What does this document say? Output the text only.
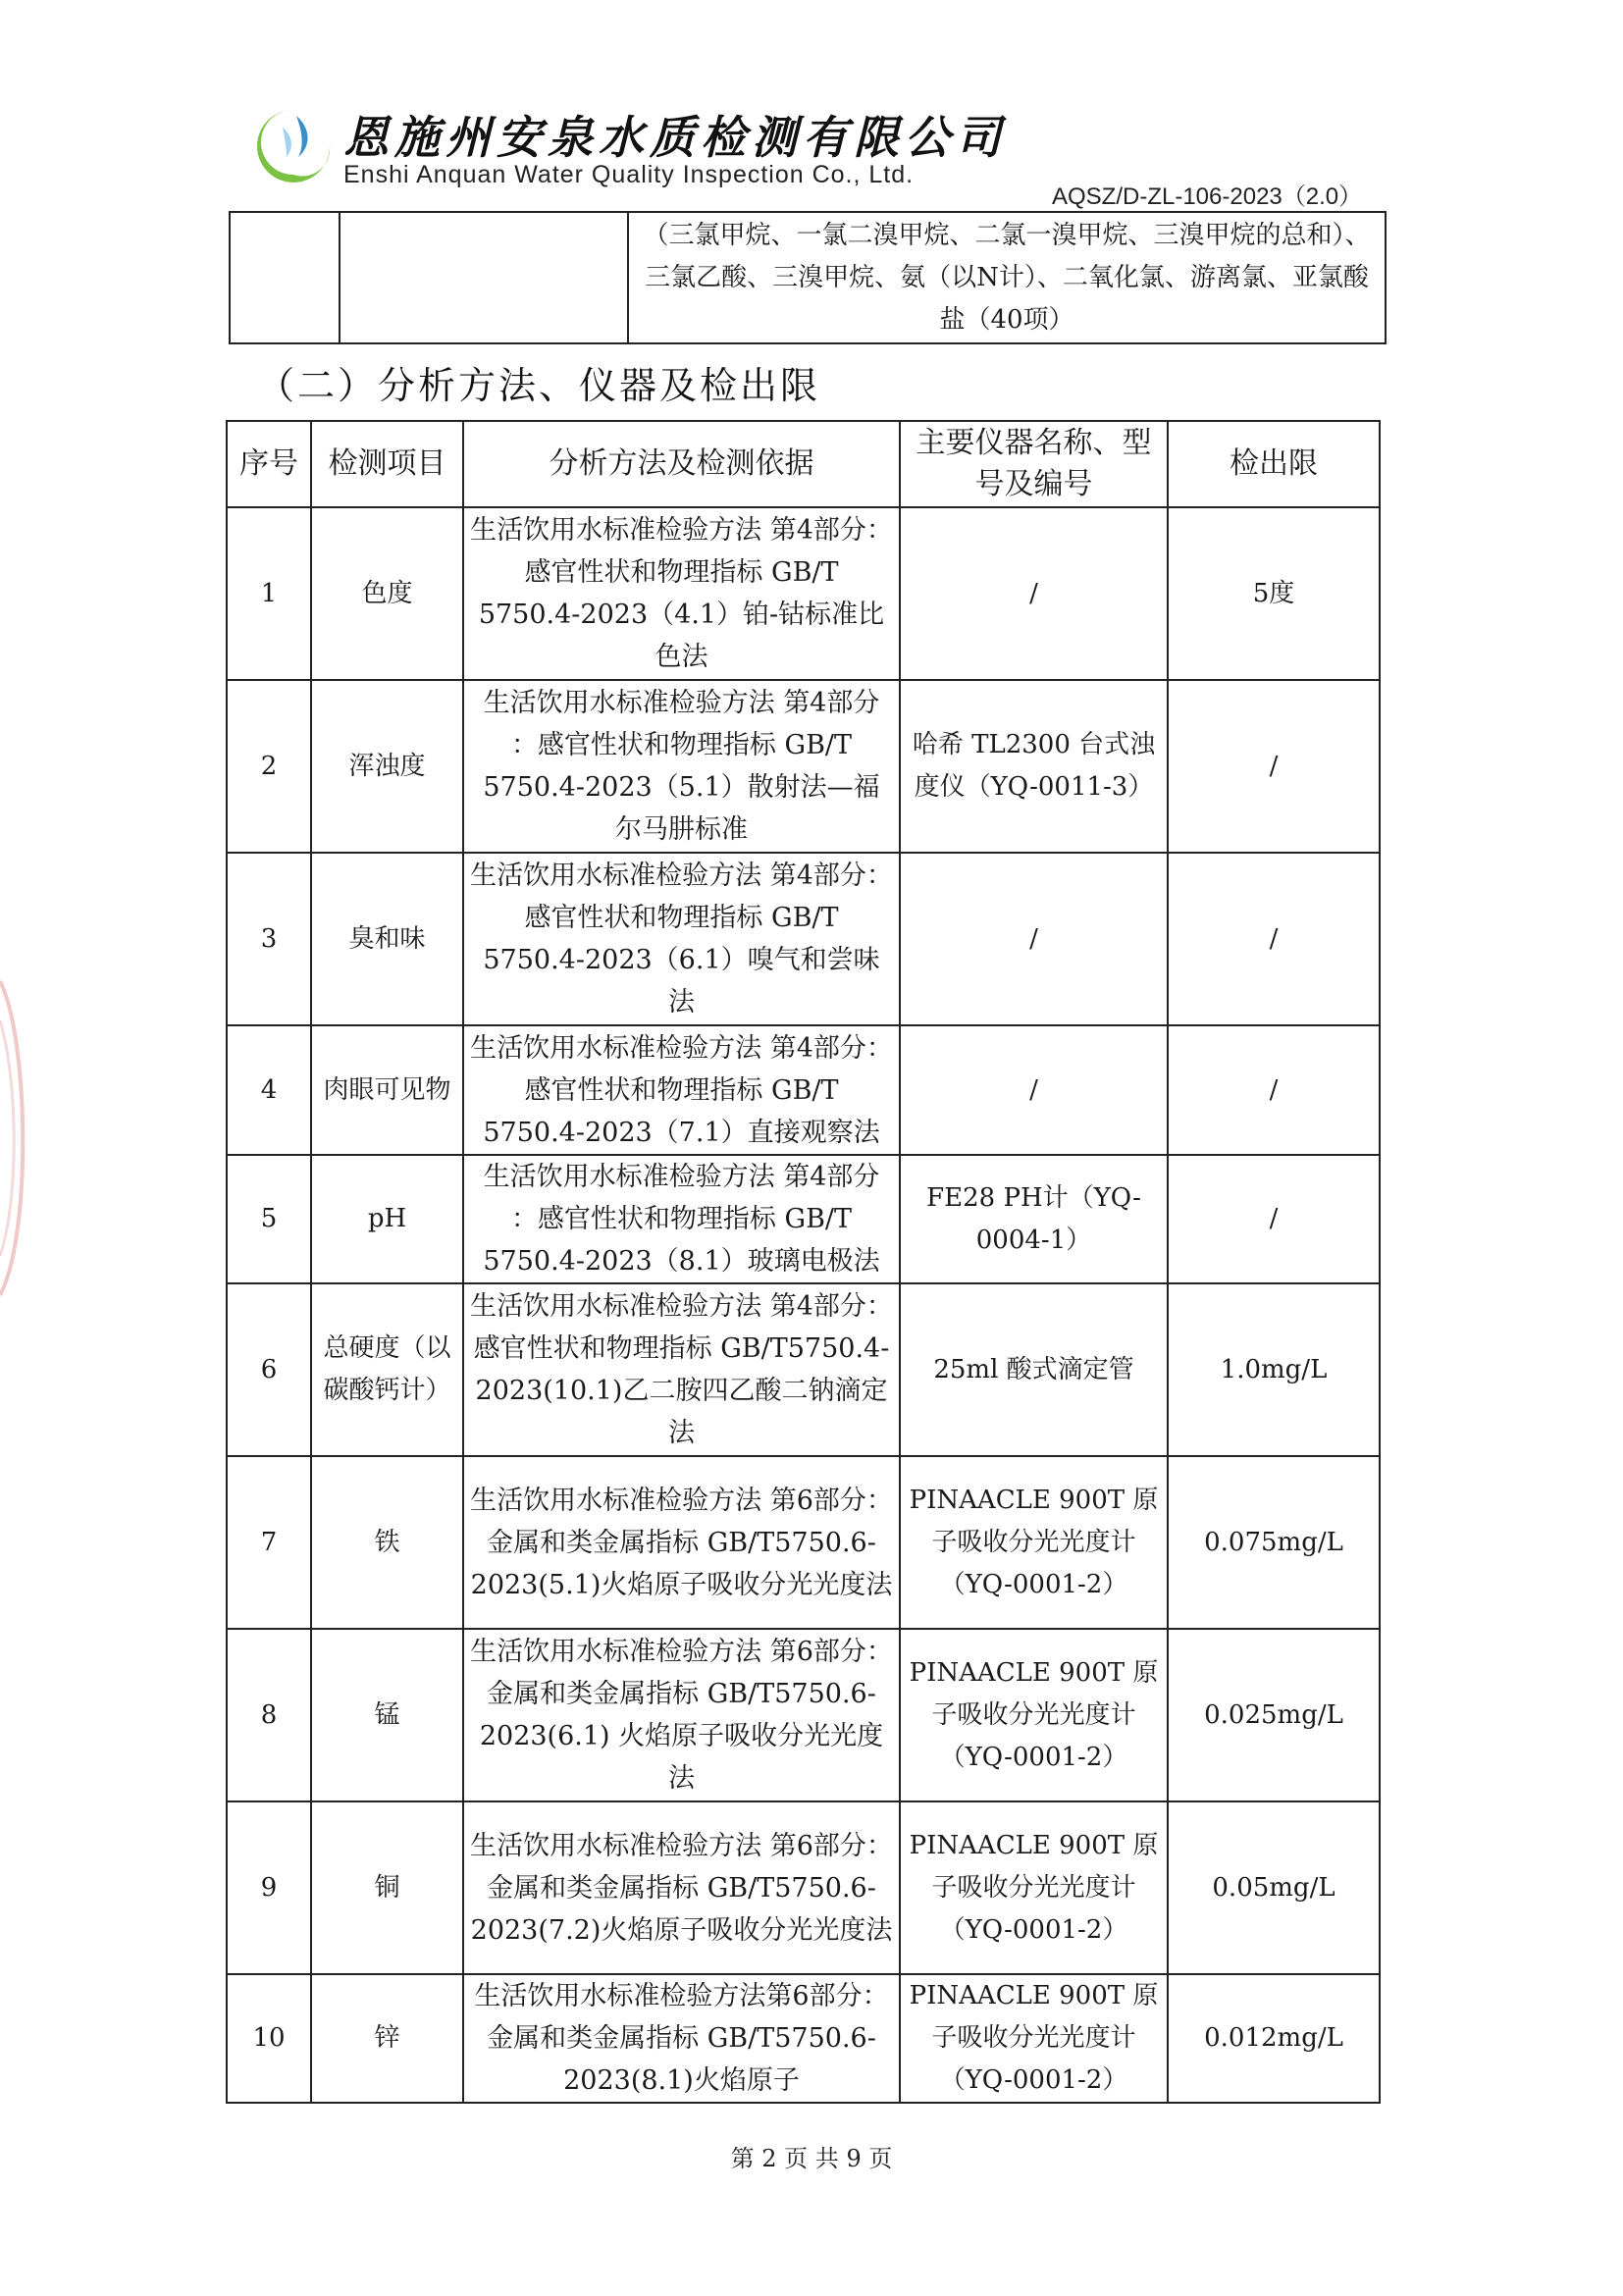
恩施州安泉水质检测有限公司
Enshi Anquan Water Quality Inspection Co., Ltd.
AQSZ/D-ZL-106-2023（2.0）
		（三氯甲烷、一氯二溴甲烷、二氯一溴甲烷、三溴甲烷的总和）、三氯乙酸、三溴甲烷、氨（以N计）、二氧化氯、游离氯、亚氯酸盐（40项）
（二）分析方法、仪器及检出限
序号	检测项目	分析方法及检测依据	主要仪器名称、型号及编号	检出限
1	色度	生活饮用水标准检验方法 第4部分：感官性状和物理指标 GB/T 5750.4-2023（4.1）铂-钴标准比色法	/	5度
2	浑浊度	生活饮用水标准检验方法 第4部分 ：感官性状和物理指标 GB/T 5750.4-2023（5.1）散射法—福尔马肼标准	哈希 TL2300 台式浊度仪（YQ-0011-3）	/
3	臭和味	生活饮用水标准检验方法 第4部分：感官性状和物理指标 GB/T 5750.4-2023（6.1）嗅气和尝味法	/	/
4	肉眼可见物	生活饮用水标准检验方法 第4部分：感官性状和物理指标 GB/T 5750.4-2023（7.1）直接观察法	/	/
5	pH	生活饮用水标准检验方法 第4部分 ：感官性状和物理指标 GB/T 5750.4-2023（8.1）玻璃电极法	FE28 PH计（YQ-0004-1）	/
6	总硬度（以碳酸钙计）	生活饮用水标准检验方法 第4部分：感官性状和物理指标 GB/T5750.4-2023(10.1)乙二胺四乙酸二钠滴定法	25ml 酸式滴定管	1.0mg/L
7	铁	生活饮用水标准检验方法 第6部分：金属和类金属指标 GB/T5750.6-2023(5.1)火焰原子吸收分光光度法	PINAACLE 900T 原子吸收分光光度计（YQ-0001-2）	0.075mg/L
8	锰	生活饮用水标准检验方法 第6部分：金属和类金属指标 GB/T5750.6-2023(6.1) 火焰原子吸收分光光度法	PINAACLE 900T 原子吸收分光光度计（YQ-0001-2）	0.025mg/L
9	铜	生活饮用水标准检验方法 第6部分：金属和类金属指标 GB/T5750.6-2023(7.2)火焰原子吸收分光光度法	PINAACLE 900T 原子吸收分光光度计（YQ-0001-2）	0.05mg/L
10	锌	生活饮用水标准检验方法第6部分：金属和类金属指标 GB/T5750.6-2023(8.1)火焰原子	PINAACLE 900T 原子吸收分光光度计（YQ-0001-2）	0.012mg/L
第 2 页 共 9 页
